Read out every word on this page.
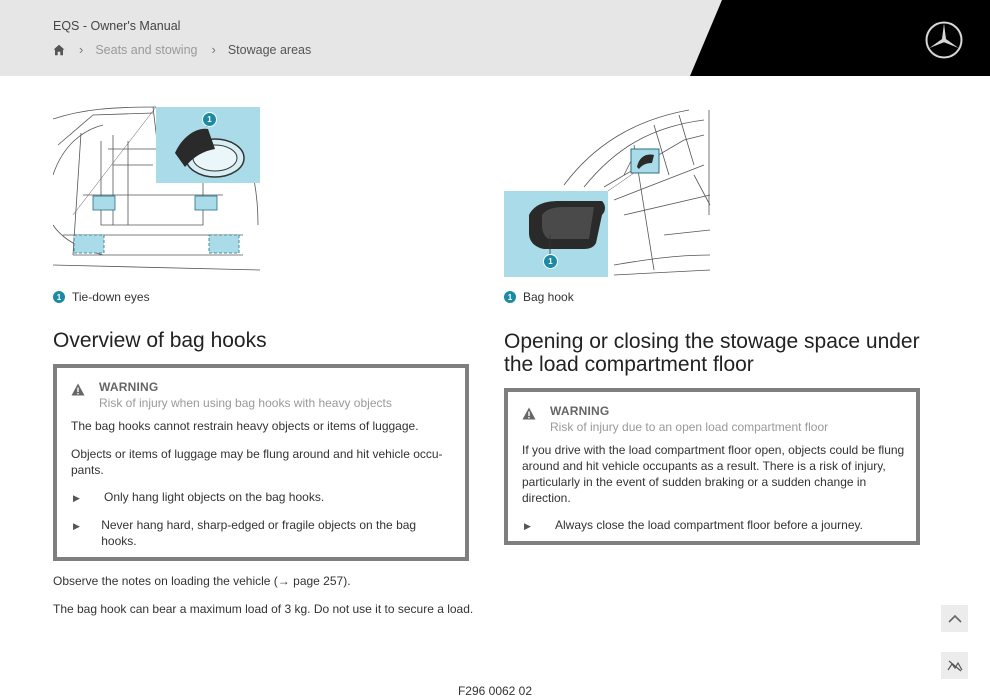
EQS - Owner's Manual
› Seats and stowing › Stowage areas
1
1 Tie-down eyes
1
1 Bag hook
Overview of bag hooks
WARNING
Risk of injury when using bag hooks with heavy objects
The bag hooks cannot restrain heavy objects or items of luggage.
Objects or items of luggage may be flung around and hit vehicle occu-pants.
▶	Only hang light objects on the bag hooks.
▶	Never hang hard, sharp-edged or fragile objects on the bag hooks.
Observe the notes on loading the vehicle (→ page 257).
The bag hook can bear a maximum load of 3 kg. Do not use it to secure a load.
Opening or closing the stowage space under the load compartment floor
WARNING
Risk of injury due to an open load compartment floor
If you drive with the load compartment floor open, objects could be flung around and hit vehicle occupants as a result. There is a risk of injury, particularly in the event of sudden braking or a sudden change in direction.
▶	Always close the load compartment floor before a journey.
F296 0062 02
